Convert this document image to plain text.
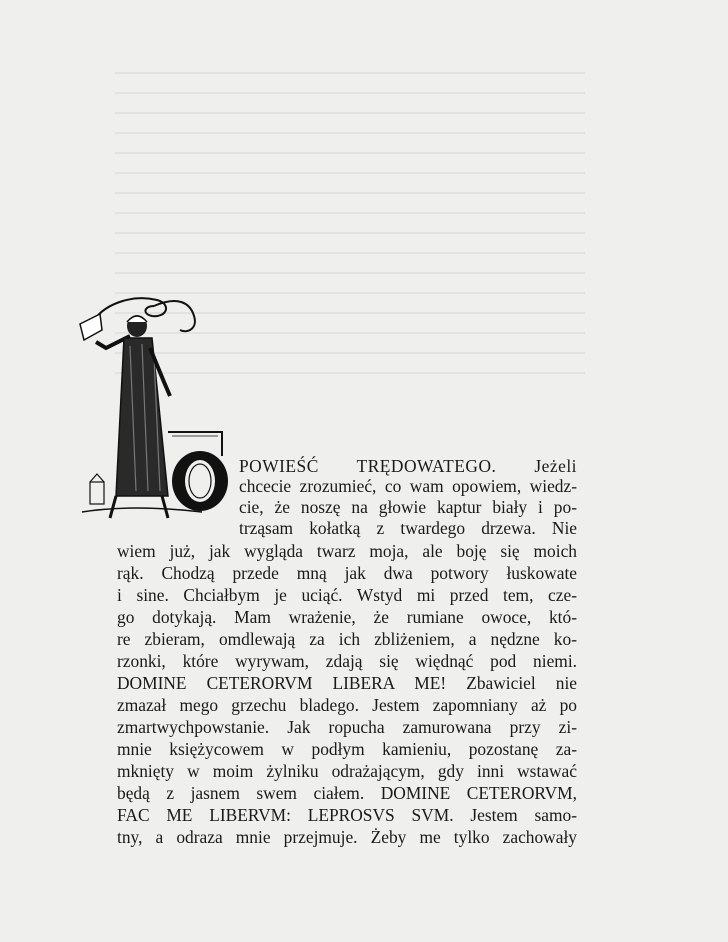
POWIEŚĆ TRĘDOWATEGO. Jeżeli
chcecie zrozumieć, co wam opowiem, wiedz-
cie, że noszę na głowie kaptur biały i po-
trząsam kołatką z twardego drzewa. Nie
wiem już, jak wygląda twarz moja, ale boję się moich
rąk. Chodzą przede mną jak dwa potwory łuskowate
i sine. Chciałbym je uciąć. Wstyd mi przed tem, cze-
go dotykają. Mam wrażenie, że rumiane owoce, któ-
re zbieram, omdlewają za ich zbliżeniem, a nędzne ko-
rzonki, które wyrywam, zdają się więdnąć pod niemi.
DOMINE CETERORVM LIBERA ME! Zbawiciel nie
zmazał mego grzechu bladego. Jestem zapomniany aż po
zmartwychpowstanie. Jak ropucha zamurowana przy zi-
mnie księżycowem w podłym kamieniu, pozostanę za-
mknięty w moim żylniku odrażającym, gdy inni wstawać
będą z jasnem swem ciałem. DOMINE CETERORVM,
FAC ME LIBERVM: LEPROSVS SVM. Jestem samo-
tny, a odraza mnie przejmuje. Żeby me tylko zachowały
